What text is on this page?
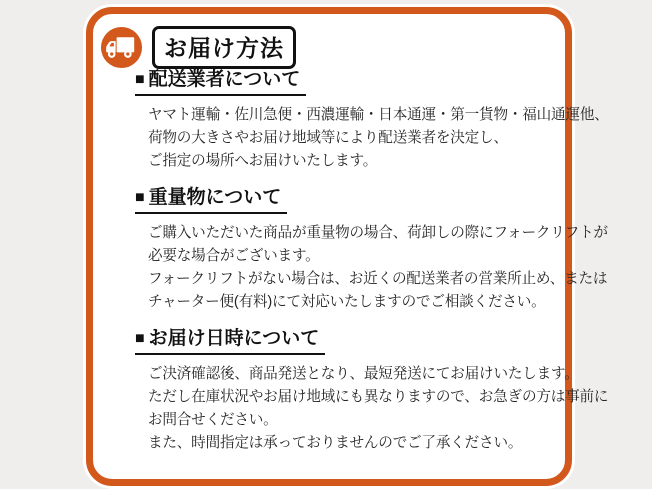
お届け方法
■ 配送業者について

ヤマト運輸・佐川急便・西濃運輸・日本通運・第一貨物・福山通運他、
荷物の大きさやお届け地域等により配送業者を決定し、
ご指定の場所へお届けいたします。

■ 重量物について

ご購入いただいた商品が重量物の場合、荷卸しの際にフォークリフトが
必要な場合がございます。
フォークリフトがない場合は、お近くの配送業者の営業所止め、または
チャーター便(有料)にて対応いたしますのでご相談ください。

■ お届け日時について

ご決済確認後、商品発送となり、最短発送にてお届けいたします。
ただし在庫状況やお届け地域にも異なりますので、お急ぎの方は事前に
お問合せください。
また、時間指定は承っておりませんのでご了承ください。
